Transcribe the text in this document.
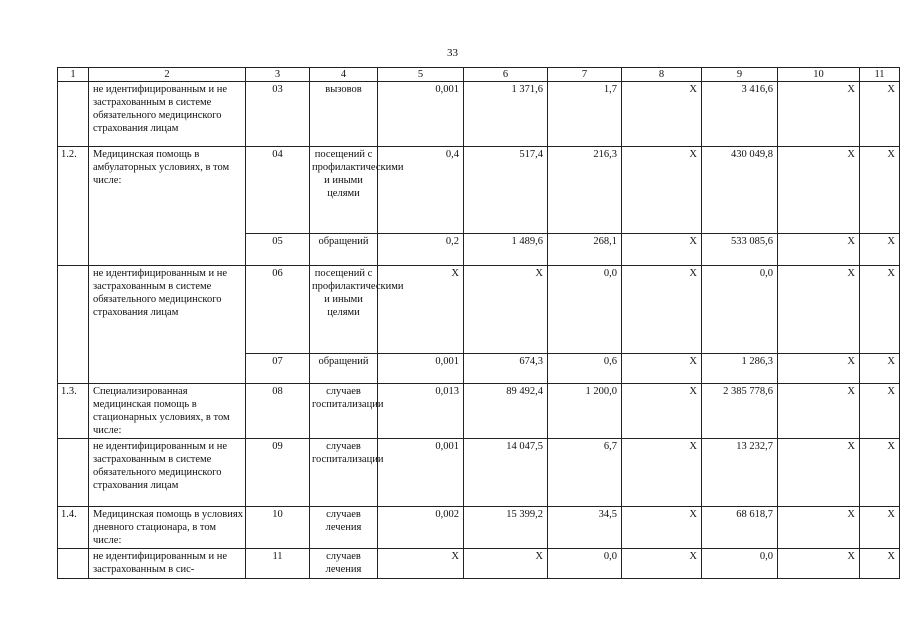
33
1	2	3	4	5	6	7	8	9	10	11
	не идентифицированным и не застрахованным в системе обязательного медицинского страхования лицам	03	вызовов	0,001	1 371,6	1,7	Х	3 416,6	Х	Х
1.2.	Медицинская помощь в амбулаторных условиях, в том числе:	04	посещений с профилактическими и иными целями	0,4	517,4	216,3	Х	430 049,8	Х	Х
		05	обращений	0,2	1 489,6	268,1	Х	533 085,6	Х	Х
	не идентифицированным и не застрахованным в системе обязательного медицинского страхования лицам	06	посещений с профилактическими и иными целями	Х	Х	0,0	Х	0,0	Х	Х
		07	обращений	0,001	674,3	0,6	Х	1 286,3	Х	Х
1.3.	Специализированная медицинская помощь в стационарных условиях, в том числе:	08	случаев госпитализации	0,013	89 492,4	1 200,0	Х	2 385 778,6	Х	Х
	не идентифицированным и не застрахованным в системе обязательного медицинского страхования лицам	09	случаев госпитализации	0,001	14 047,5	6,7	Х	13 232,7	Х	Х
1.4.	Медицинская помощь в условиях дневного стационара, в том числе:	10	случаев лечения	0,002	15 399,2	34,5	Х	68 618,7	Х	Х
	не идентифицированным и не застрахованным в сис-	11	случаев лечения	Х	Х	0,0	Х	0,0	Х	Х
